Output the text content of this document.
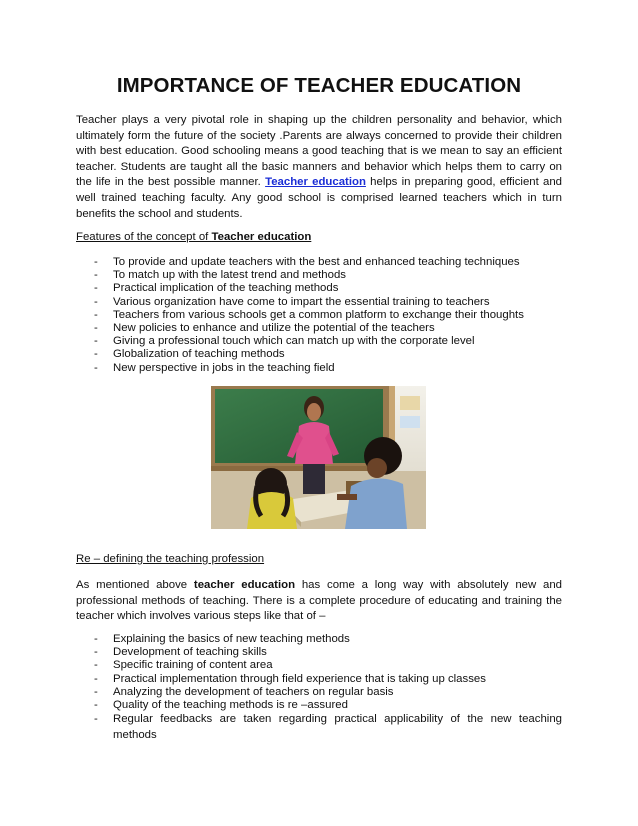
IMPORTANCE OF TEACHER EDUCATION

Teacher plays a very pivotal role in shaping up the children personality and behavior, which ultimately form the future of the society .Parents are always concerned to provide their children with best education. Good schooling means a good teaching that is we mean to say an efficient teacher. Students are taught all the basic manners and behavior which helps them to carry on the life in the best possible manner. Teacher education helps in preparing good, efficient and well trained teaching faculty. Any good school is comprised learned teachers which in turn benefits the school and students.

Features of the concept of Teacher education

- To provide and update teachers with the best and enhanced teaching techniques
- To match up with the latest trend and methods
- Practical implication of the teaching methods
- Various organization have come to impart the essential training to teachers
- Teachers from various schools get a common platform to exchange their thoughts
- New policies to enhance and utilize the potential of the teachers
- Giving a professional touch which can match up with the corporate level
- Globalization of teaching methods
- New perspective in jobs in the teaching field

Re – defining the teaching profession

As mentioned above teacher education has come a long way with absolutely new and professional methods of teaching. There is a complete procedure of educating and training the teacher which involves various steps like that of –

- Explaining the basics of new teaching methods
- Development of teaching skills
- Specific training of content area
- Practical implementation through field experience that is taking up classes
- Analyzing the development of teachers on regular basis
- Quality of the teaching methods is re –assured
- Regular feedbacks are taken regarding practical applicability of the new teaching methods
